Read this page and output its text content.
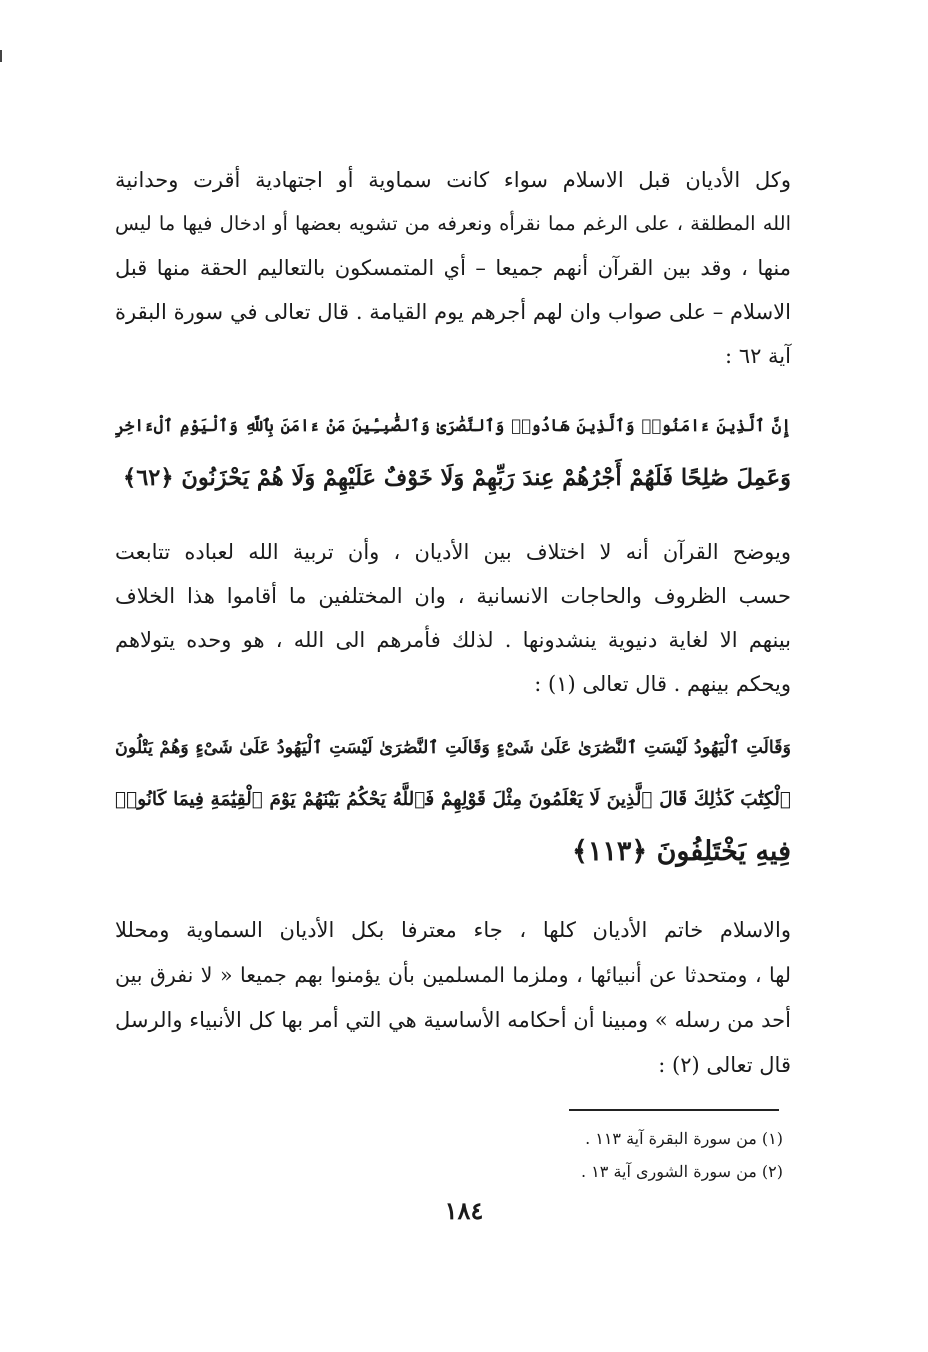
وكل الأديان قبل الاسلام سواء كانت سماوية أو اجتهادية أقرت وحدانية
الله المطلقة ، على الرغم مما نقرأه ونعرفه من تشويه بعضها أو ادخال فيها ما ليس
منها ، وقد بين القرآن أنهم جميعا – أي المتمسكون بالتعاليم الحقة منها قبل
الاسلام – على صواب وان لهم أجرهم يوم القيامة . قال تعالى في سورة البقرة
آية ٦٢ :

إِنَّ ٱلَّذِينَ ءَامَنُوا۟ وَٱلَّذِينَ هَادُوا۟ وَٱلنَّصَٰرَىٰ وَٱلصَّٰبِـِٔينَ مَنْ ءَامَنَ بِٱللَّهِ وَٱلْيَوْمِ ٱلْءَاخِرِ
وَعَمِلَ صَٰلِحًا فَلَهُمْ أَجْرُهُمْ عِندَ رَبِّهِمْ وَلَا خَوْفٌ عَلَيْهِمْ وَلَا هُمْ يَحْزَنُونَ ﴿٦٢﴾

ويوضح القرآن أنه لا اختلاف بين الأديان ، وأن تربية الله لعباده تتابعت
حسب الظروف والحاجات الانسانية ، وان المختلفين ما أقاموا هذا الخلاف
بينهم الا لغاية دنيوية ينشدونها . لذلك فأمرهم الى الله ، هو وحده يتولاهم
ويحكم بينهم . قال تعالى (١) :

وَقَالَتِ ٱلْيَهُودُ لَيْسَتِ ٱلنَّصَٰرَىٰ عَلَىٰ شَىْءٍ وَقَالَتِ ٱلنَّصَٰرَىٰ لَيْسَتِ ٱلْيَهُودُ عَلَىٰ شَىْءٍ وَهُمْ يَتْلُونَ
ٱلْكِتَٰبَ كَذَٰلِكَ قَالَ ٱلَّذِينَ لَا يَعْلَمُونَ مِثْلَ قَوْلِهِمْ فَٱللَّهُ يَحْكُمُ بَيْنَهُمْ يَوْمَ ٱلْقِيَٰمَةِ فِيمَا كَانُوا۟
فِيهِ يَخْتَلِفُونَ ﴿١١٣﴾

والاسلام خاتم الأديان كلها ، جاء معترفا بكل الأديان السماوية ومحللا
لها ، ومتحدثا عن أنبيائها ، وملزما المسلمين بأن يؤمنوا بهم جميعا « لا نفرق بين
أحد من رسله » ومبينا أن أحكامه الأساسية هي التي أمر بها كل الأنبياء والرسل
قال تعالى (٢) :

(١) من سورة البقرة آية ١١٣ .
(٢) من سورة الشورى آية ١٣ .
١٨٤
